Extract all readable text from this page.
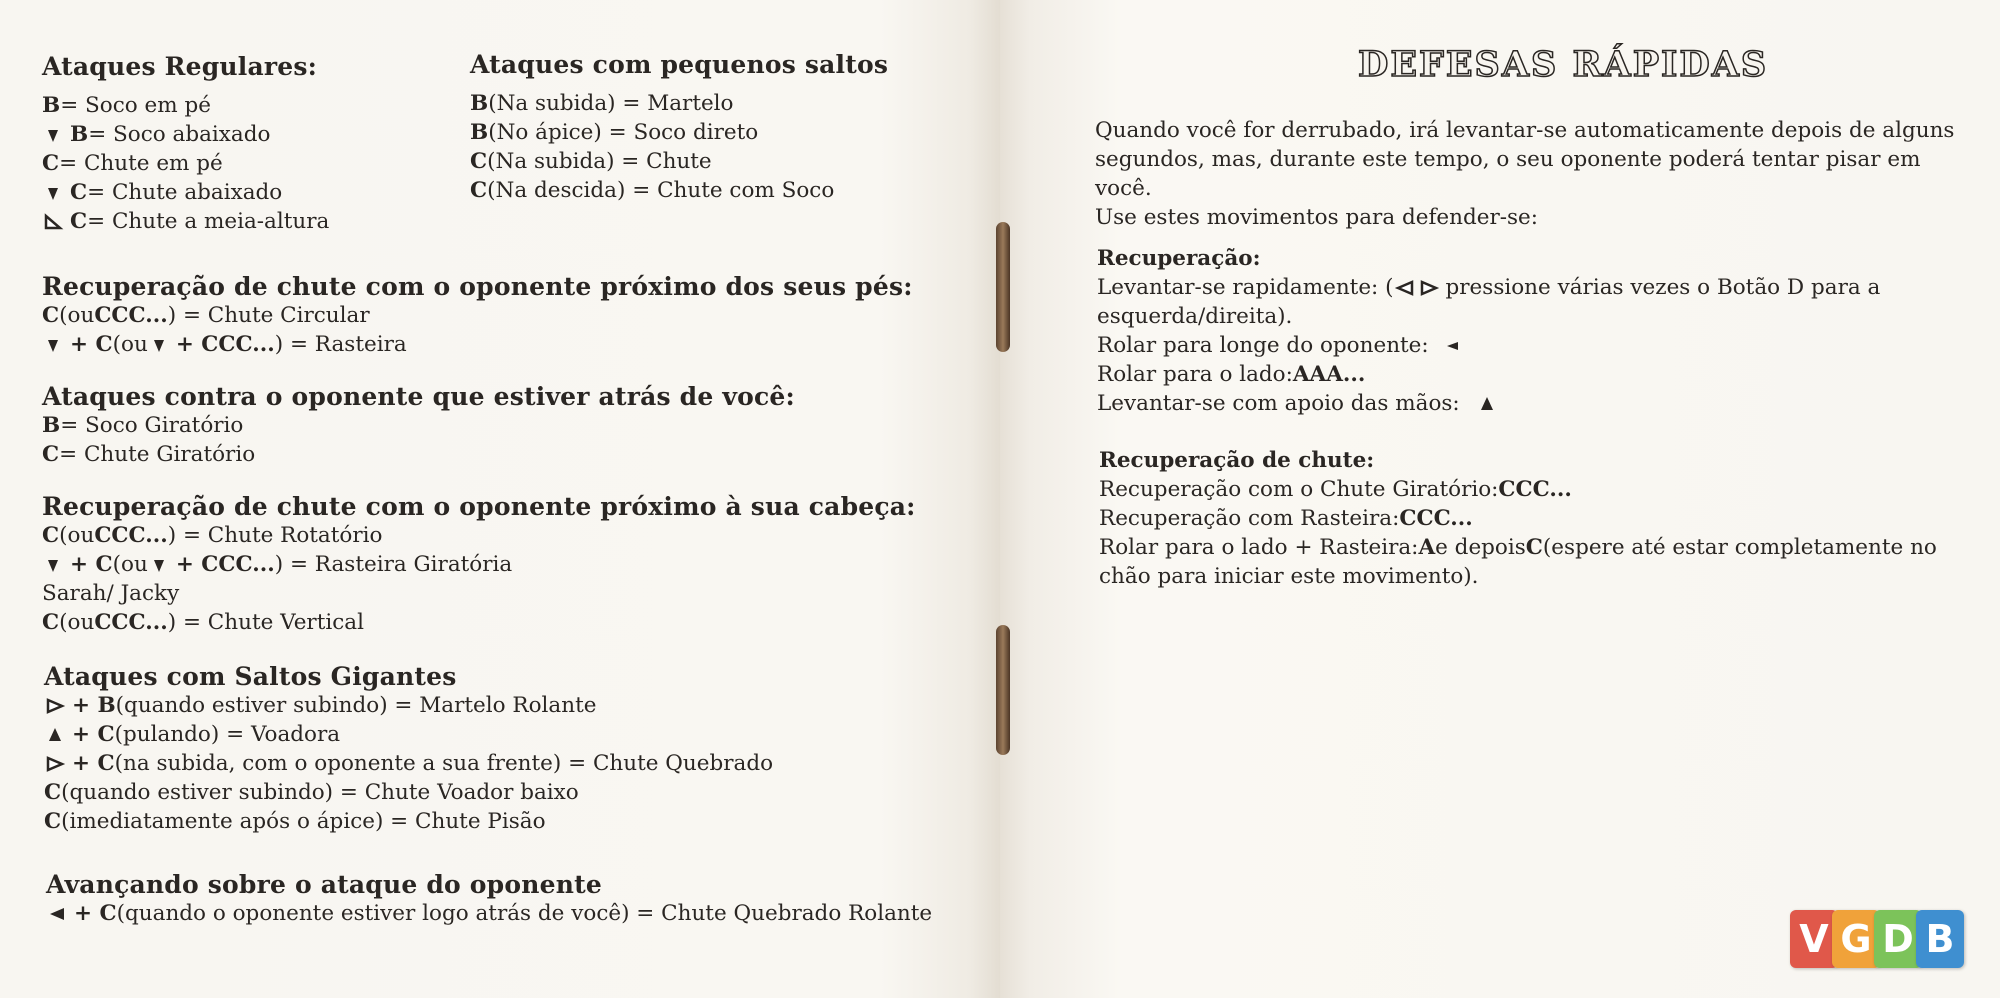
Ataques Regulares:
B = Soco em pé
B = Soco abaixado
C = Chute em pé
C = Chute abaixado
C = Chute a meia-altura
Ataques com pequenos saltos
B (Na subida) = Martelo
B (No ápice) = Soco direto
C (Na subida) = Chute
C (Na descida) = Chute com Soco
Recuperação de chute com o oponente próximo dos seus pés:
C (ou CCC... ) = Chute Circular
+ C (ou + CCC... ) = Rasteira
Ataques contra o oponente que estiver atrás de você:
B = Soco Giratório
C = Chute Giratório
Recuperação de chute com o oponente próximo à sua cabeça:
C (ou CCC... ) = Chute Rotatório
+ C (ou + CCC... ) = Rasteira Giratória
Sarah/ Jacky
C (ou CCC... ) = Chute Vertical
Ataques com Saltos Gigantes
+ B (quando estiver subindo) = Martelo Rolante
+ C (pulando) = Voadora
+ C (na subida, com o oponente a sua frente) = Chute Quebrado
C (quando estiver subindo) = Chute Voador baixo
C (imediatamente após o ápice) = Chute Pisão
Avançando sobre o ataque do oponente
+ C (quando o oponente estiver logo atrás de você) = Chute Quebrado Rolante
DEFESAS RÁPIDAS
Quando você for derrubado, irá levantar-se automaticamente depois de alguns
segundos, mas, durante este tempo, o seu oponente poderá tentar pisar em você.
Use estes movimentos para defender-se:
Recuperação:
Levantar-se rapidamente: ( pressione várias vezes o Botão D para a
esquerda/direita).
Rolar para longe do oponente:
Rolar para o lado: AAA...
Levantar-se com apoio das mãos:
Recuperação de chute:
Recuperação com o Chute Giratório: CCC...
Recuperação com Rasteira: CCC...
Rolar para o lado + Rasteira: A e depois C (espere até estar completamente no
chão para iniciar este movimento).
V G D B
